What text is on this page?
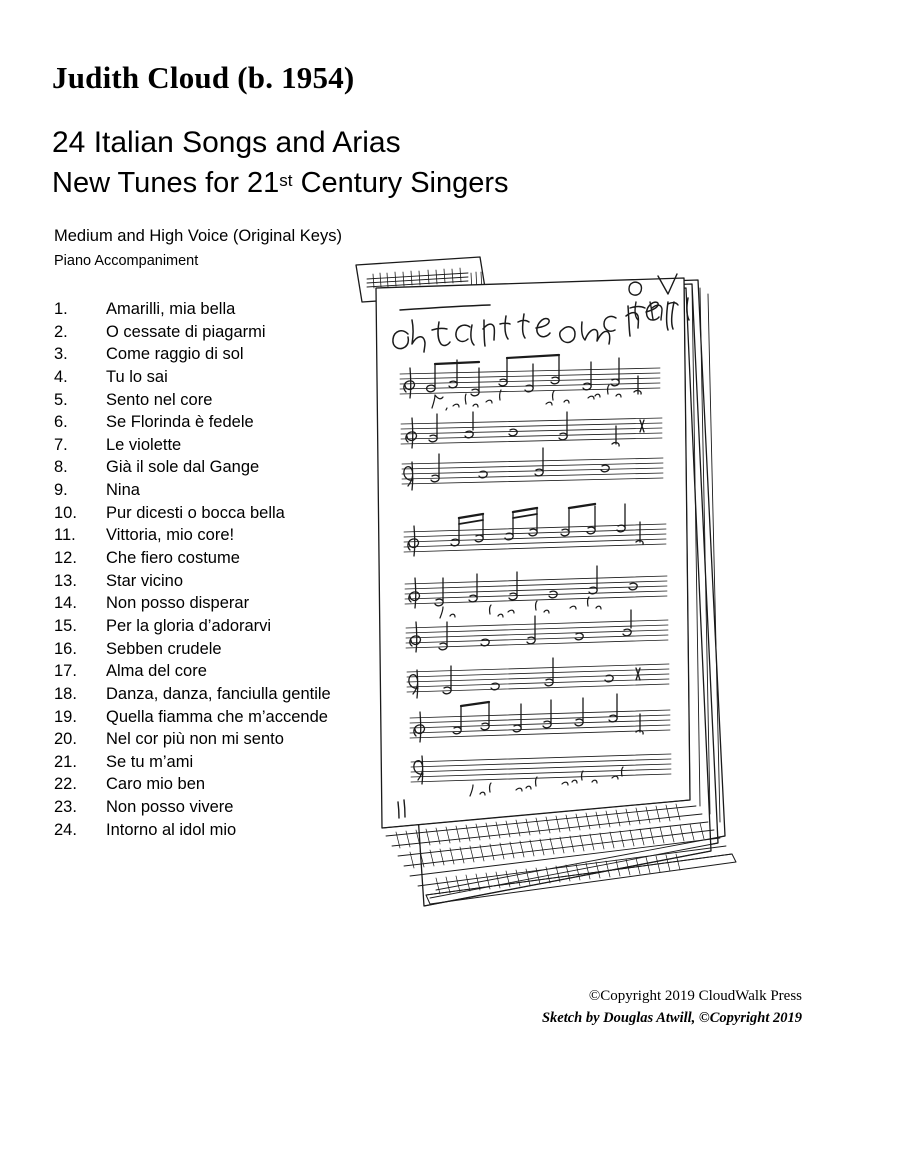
Judith Cloud (b. 1954)
24 Italian Songs and Arias
New Tunes for 21st Century Singers
Medium and High Voice (Original Keys)
Piano Accompaniment
1.	Amarilli, mia bella
2.	O cessate di piagarmi
3.	Come raggio di sol
4.	Tu lo sai
5.	Sento nel core
6.	Se Florinda è fedele
7.	Le violette
8.	Già il sole dal Gange
9.	Nina
10.	Pur dicesti o bocca bella
11.	Vittoria, mio core!
12.	Che fiero costume
13.	Star vicino
14.	Non posso disperar
15.	Per la gloria d’adorarvi
16.	Sebben crudele
17.	Alma del core
18.	Danza, danza, fanciulla gentile
19.	Quella fiamma che m’accende
20.	Nel cor più non mi sento
21.	Se tu m’ami
22.	Caro mio ben
23.	Non posso vivere
24.	Intorno al idol mio
©Copyright 2019 CloudWalk Press
Sketch by Douglas Atwill, ©Copyright 2019
